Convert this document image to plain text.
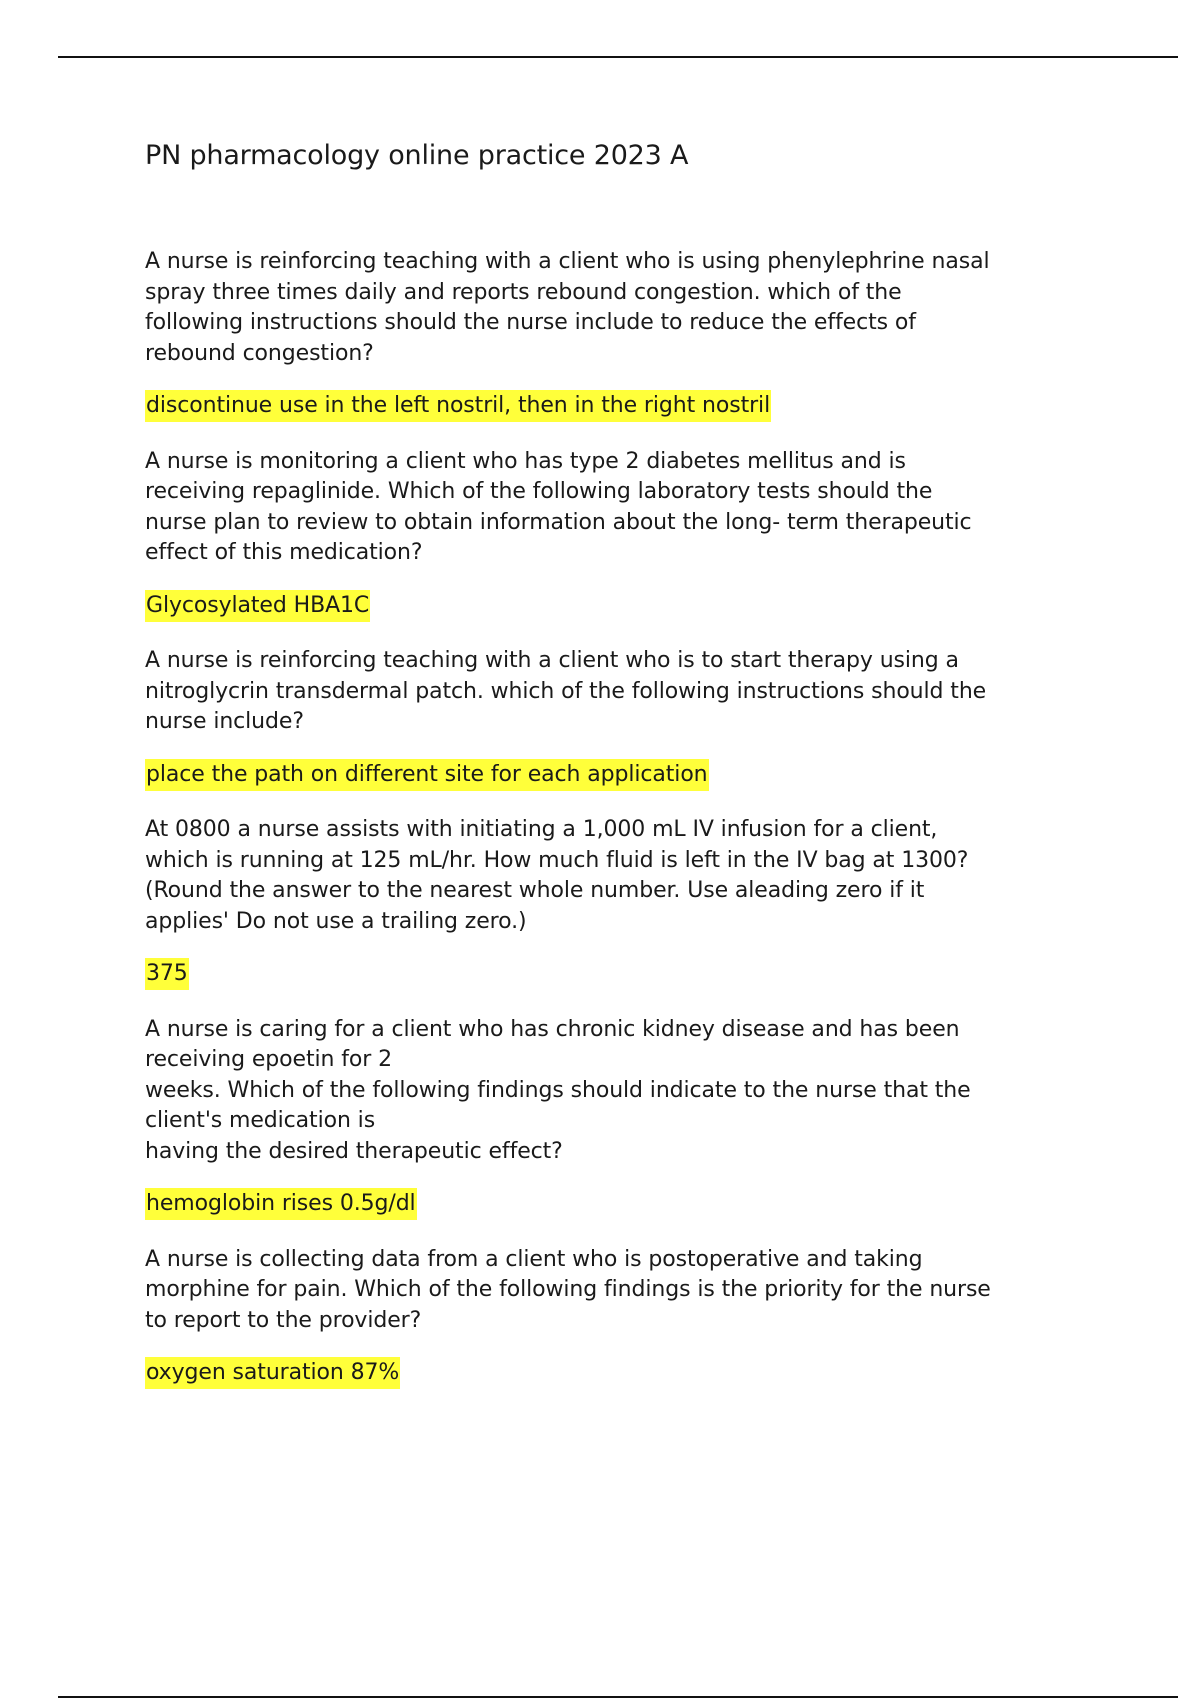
PN pharmacology online practice 2023 A

A nurse is reinforcing teaching with a client who is using phenylephrine nasal
spray three times daily and reports rebound congestion. which of the
following instructions should the nurse include to reduce the effects of
rebound congestion?

discontinue use in the left nostril, then in the right nostril

A nurse is monitoring a client who has type 2 diabetes mellitus and is
receiving repaglinide. Which of the following laboratory tests should the
nurse plan to review to obtain information about the long- term therapeutic
effect of this medication?

Glycosylated HBA1C

A nurse is reinforcing teaching with a client who is to start therapy using a
nitroglycrin transdermal patch. which of the following instructions should the
nurse include?

place the path on different site for each application

At 0800 a nurse assists with initiating a 1,000 mL IV infusion for a client,
which is running at 125 mL/hr. How much fluid is left in the IV bag at 1300?
(Round the answer to the nearest whole number. Use aleading zero if it
applies' Do not use a trailing zero.)

375

A nurse is caring for a client who has chronic kidney disease and has been
receiving epoetin for 2
weeks. Which of the following findings should indicate to the nurse that the
client's medication is
having the desired therapeutic effect?

hemoglobin rises 0.5g/dl

A nurse is collecting data from a client who is postoperative and taking
morphine for pain. Which of the following findings is the priority for the nurse
to report to the provider?

oxygen saturation 87%
